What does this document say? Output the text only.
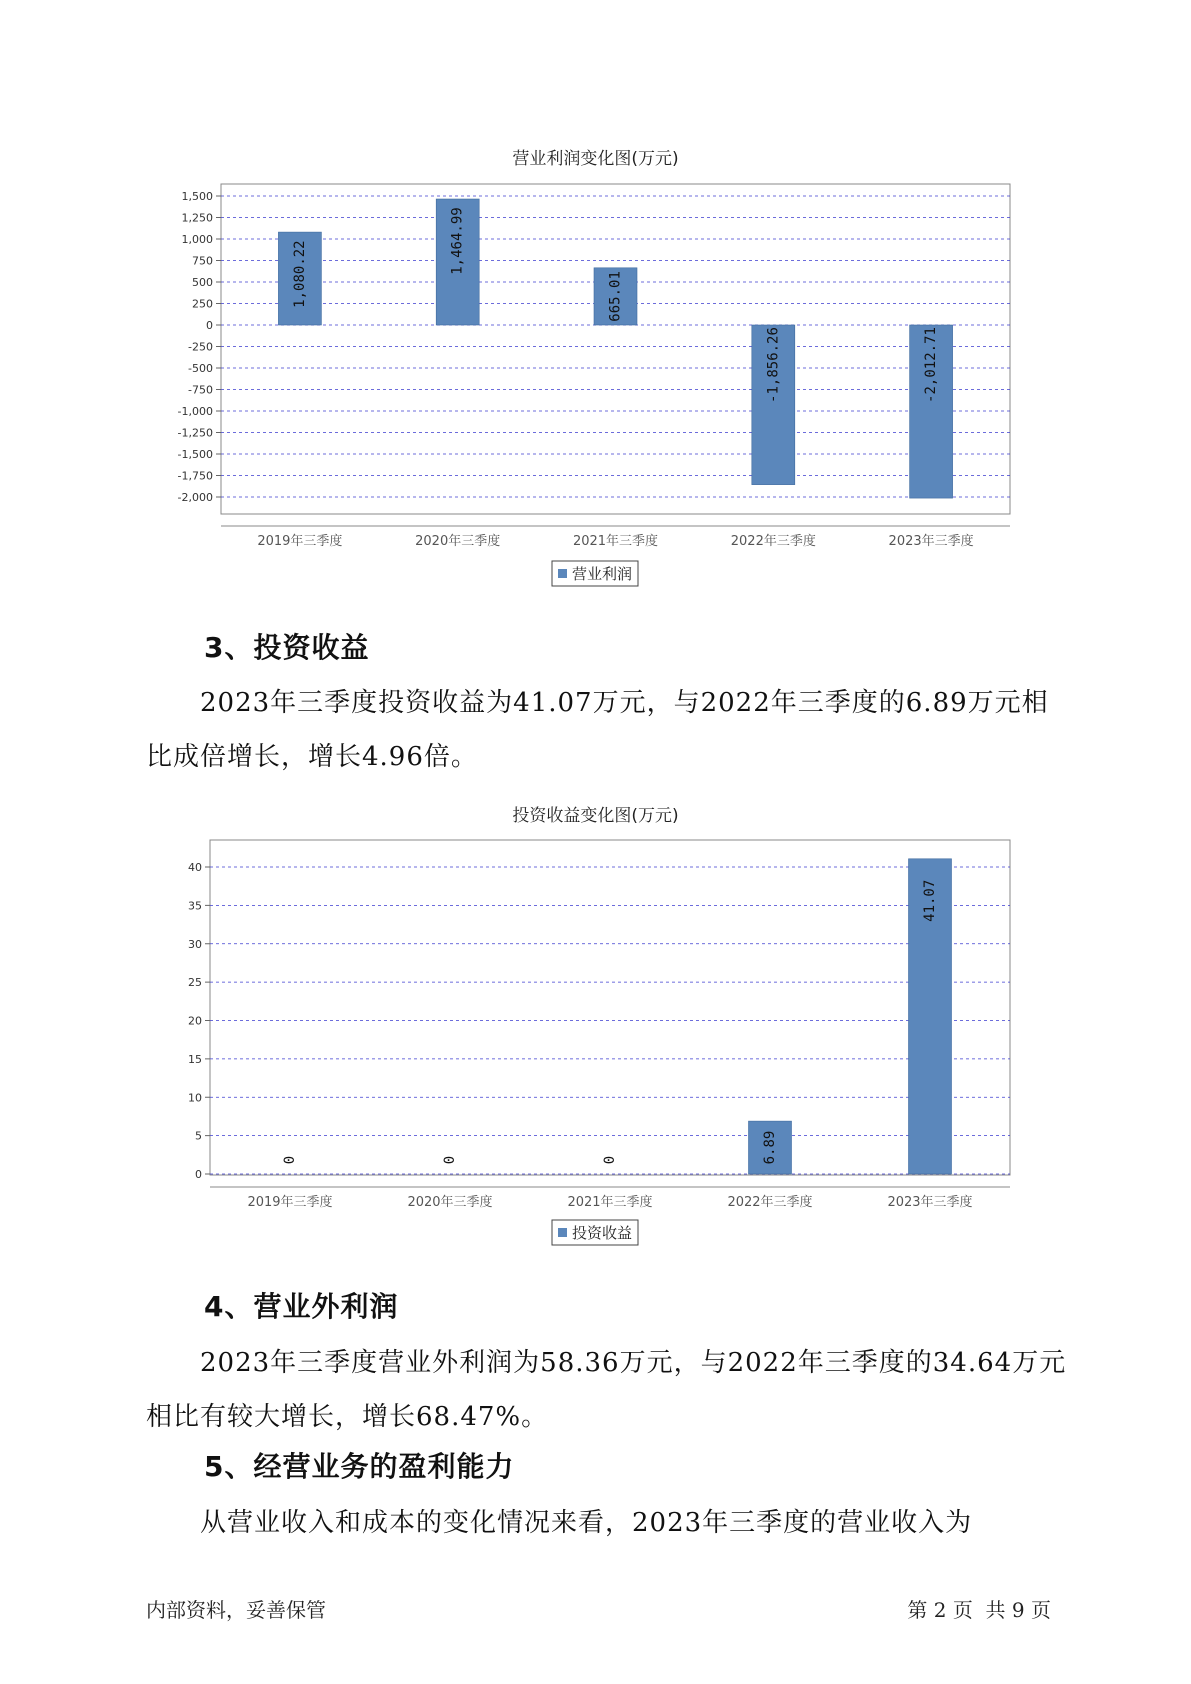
营业利润变化图(万元)
1,500
1,250
1,000
750
500
250
0
-250
-500
-750
-1,000
-1,250
-1,500
-1,750
-2,000
1,080.22
2019年三季度
1,464.99
2020年三季度
665.01
2021年三季度
-1,856.26
2022年三季度
-2,012.71
2023年三季度
营业利润
3、投资收益

2023年三季度投资收益为41.07万元，与2022年三季度的6.89万元相比成倍增长，增长4.96倍。

投资收益变化图(万元)
40
35
30
25
20
15
10
5
0
0
2019年三季度
0
2020年三季度
0
2021年三季度
6.89
2022年三季度
41.07
2023年三季度
投资收益
4、营业外利润

2023年三季度营业外利润为58.36万元，与2022年三季度的34.64万元相比有较大增长，增长68.47%。

5、经营业务的盈利能力

从营业收入和成本的变化情况来看，2023年三季度的营业收入为

内部资料，妥善保管	第 2 页  共 9 页
